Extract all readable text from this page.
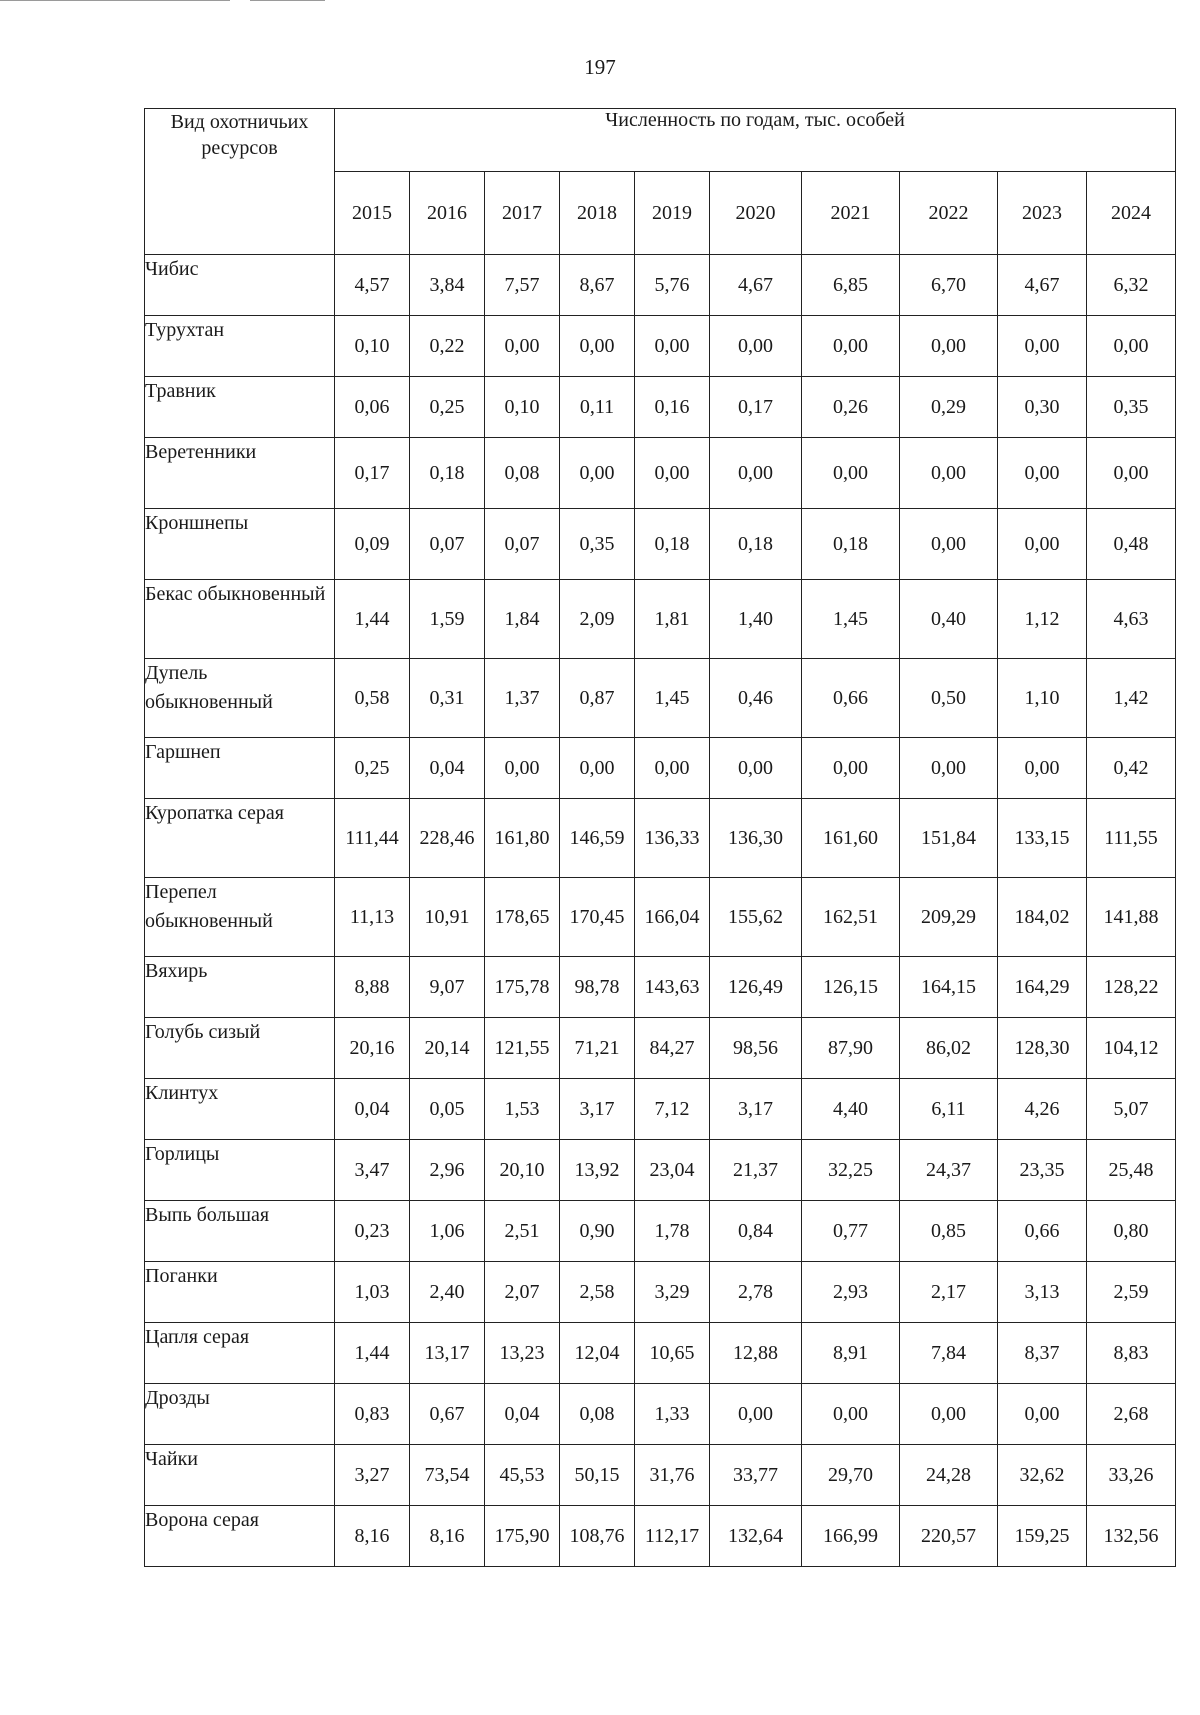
197
Вид охотничьих ресурсов	Численность по годам, тыс. особей									
	2015	2016	2017	2018	2019	2020	2021	2022	2023	2024
Чибис	4,57	3,84	7,57	8,67	5,76	4,67	6,85	6,70	4,67	6,32
Турухтан	0,10	0,22	0,00	0,00	0,00	0,00	0,00	0,00	0,00	0,00
Травник	0,06	0,25	0,10	0,11	0,16	0,17	0,26	0,29	0,30	0,35
Веретенники	0,17	0,18	0,08	0,00	0,00	0,00	0,00	0,00	0,00	0,00
Кроншнепы	0,09	0,07	0,07	0,35	0,18	0,18	0,18	0,00	0,00	0,48
Бекас обыкновенный	1,44	1,59	1,84	2,09	1,81	1,40	1,45	0,40	1,12	4,63
Дупель обыкновенный	0,58	0,31	1,37	0,87	1,45	0,46	0,66	0,50	1,10	1,42
Гаршнеп	0,25	0,04	0,00	0,00	0,00	0,00	0,00	0,00	0,00	0,42
Куропатка серая	111,44	228,46	161,80	146,59	136,33	136,30	161,60	151,84	133,15	111,55
Перепел обыкновенный	11,13	10,91	178,65	170,45	166,04	155,62	162,51	209,29	184,02	141,88
Вяхирь	8,88	9,07	175,78	98,78	143,63	126,49	126,15	164,15	164,29	128,22
Голубь сизый	20,16	20,14	121,55	71,21	84,27	98,56	87,90	86,02	128,30	104,12
Клинтух	0,04	0,05	1,53	3,17	7,12	3,17	4,40	6,11	4,26	5,07
Горлицы	3,47	2,96	20,10	13,92	23,04	21,37	32,25	24,37	23,35	25,48
Выпь большая	0,23	1,06	2,51	0,90	1,78	0,84	0,77	0,85	0,66	0,80
Поганки	1,03	2,40	2,07	2,58	3,29	2,78	2,93	2,17	3,13	2,59
Цапля серая	1,44	13,17	13,23	12,04	10,65	12,88	8,91	7,84	8,37	8,83
Дрозды	0,83	0,67	0,04	0,08	1,33	0,00	0,00	0,00	0,00	2,68
Чайки	3,27	73,54	45,53	50,15	31,76	33,77	29,70	24,28	32,62	33,26
Ворона серая	8,16	8,16	175,90	108,76	112,17	132,64	166,99	220,57	159,25	132,56
